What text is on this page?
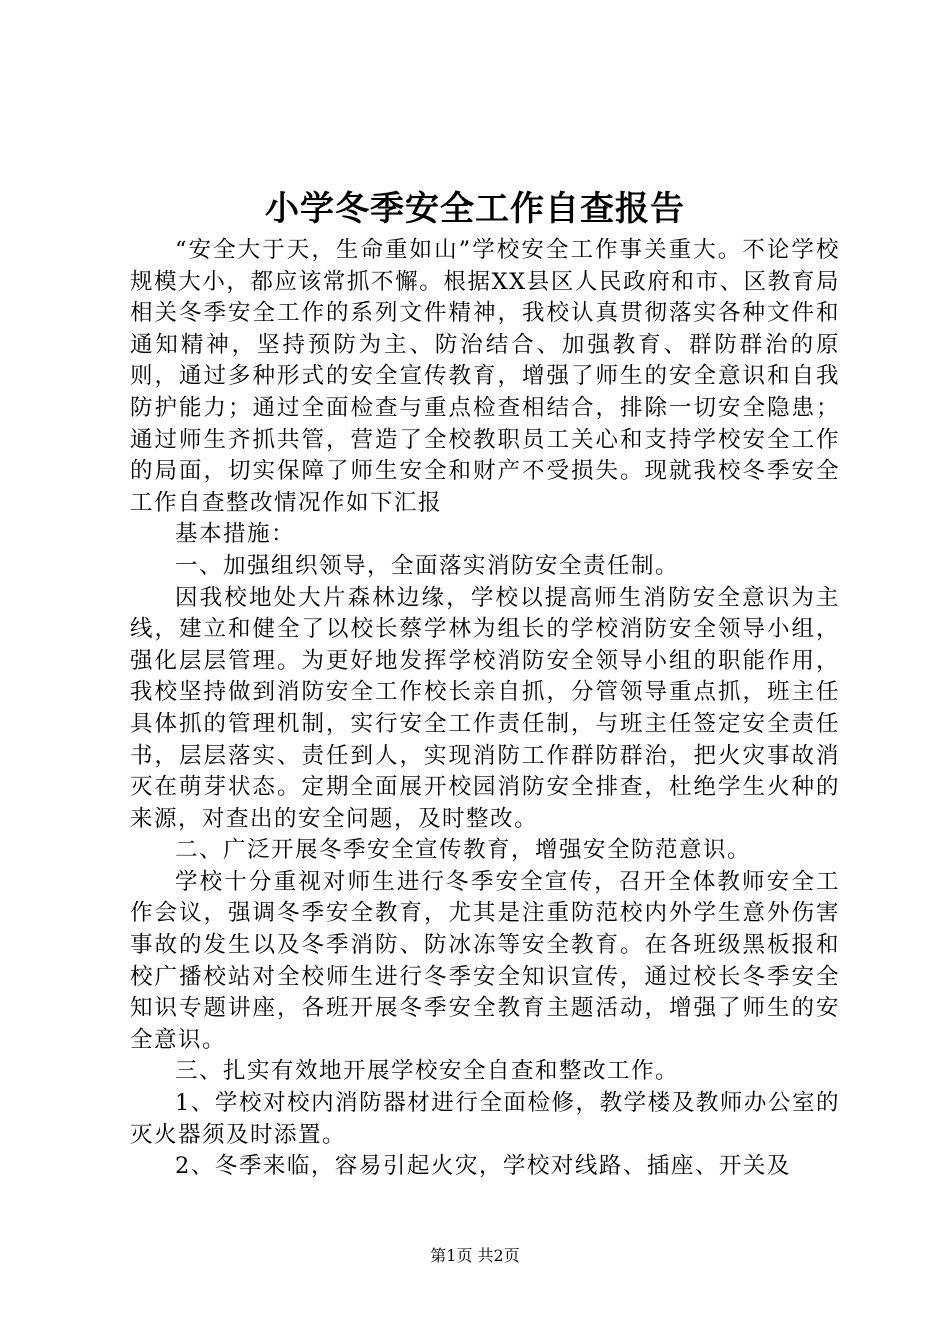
小学冬季安全工作自查报告

“安全大于天，生命重如山”学校安全工作事关重大。不论学校规模大小，都应该常抓不懈。根据XX县区人民政府和市、区教育局相关冬季安全工作的系列文件精神，我校认真贯彻落实各种文件和通知精神，坚持预防为主、防治结合、加强教育、群防群治的原则，通过多种形式的安全宣传教育，增强了师生的安全意识和自我防护能力；通过全面检查与重点检查相结合，排除一切安全隐患；通过师生齐抓共管，营造了全校教职员工关心和支持学校安全工作的局面，切实保障了师生安全和财产不受损失。现就我校冬季安全工作自查整改情况作如下汇报

基本措施：

一、加强组织领导，全面落实消防安全责任制。

因我校地处大片森林边缘，学校以提高师生消防安全意识为主线，建立和健全了以校长蔡学林为组长的学校消防安全领导小组，强化层层管理。为更好地发挥学校消防安全领导小组的职能作用，我校坚持做到消防安全工作校长亲自抓，分管领导重点抓，班主任具体抓的管理机制，实行安全工作责任制，与班主任签定安全责任书，层层落实、责任到人，实现消防工作群防群治，把火灾事故消灭在萌芽状态。定期全面展开校园消防安全排查，杜绝学生火种的来源，对查出的安全问题，及时整改。

二、广泛开展冬季安全宣传教育，增强安全防范意识。

学校十分重视对师生进行冬季安全宣传，召开全体教师安全工作会议，强调冬季安全教育，尤其是注重防范校内外学生意外伤害事故的发生以及冬季消防、防冰冻等安全教育。在各班级黑板报和校广播校站对全校师生进行冬季安全知识宣传，通过校长冬季安全知识专题讲座，各班开展冬季安全教育主题活动，增强了师生的安全意识。

三、扎实有效地开展学校安全自查和整改工作。

1、学校对校内消防器材进行全面检修，教学楼及教师办公室的灭火器须及时添置。

2、冬季来临，容易引起火灾，学校对线路、插座、开关及

第1页 共2页
